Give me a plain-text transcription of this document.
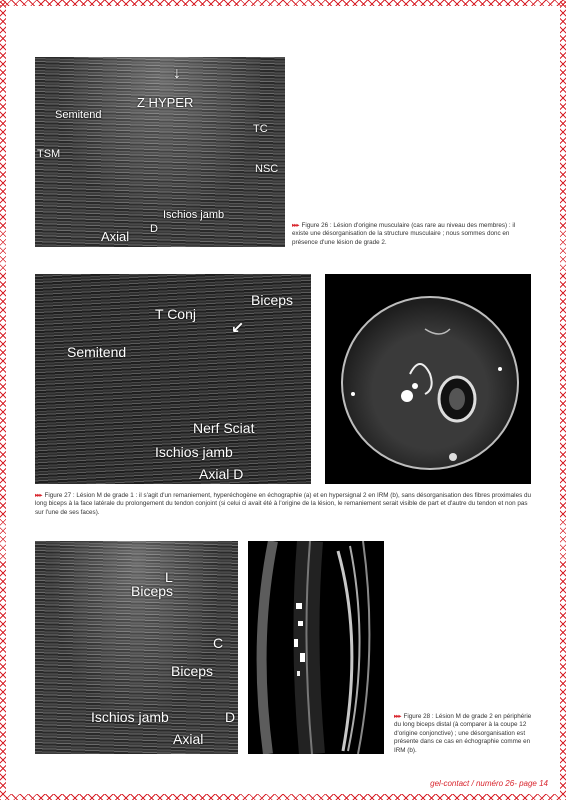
↓
Z HYPER
Semitend
TC
TSM
NSC
Ischios jamb
D
Axial
▸▸▸ Figure 26 : Lésion d'origine musculaire (cas rare au niveau des membres) : il existe une désorganisation de la structure musculaire ; nous sommes donc en présence d'une lésion de grade 2.
Biceps
T Conj
↙
Semitend
Nerf Sciat
Ischios jamb
Axial D
▸▸▸ Figure 27 : Lésion M de grade 1 : il s'agit d'un remaniement, hyperéchogène en échographie (a) et en hypersignal 2 en IRM (b), sans désorganisation des fibres proximales du long biceps à la face latérale du prolongement du tendon conjoint (si celui ci avait été à l'origine de la lésion, le remaniement serait visible de part et d'autre du tendon et non pas sur l'une de ses faces).
L
Biceps
C
Biceps
Ischios jamb	D
Axial
▸▸▸ Figure 28 : Lésion M de grade 2 en périphérie du long biceps distal (à comparer à la coupe 12 d'origine conjonctive) ; une désorganisation est présente dans ce cas en échographie comme en IRM (b).
gel-contact / numéro 26- page 14
